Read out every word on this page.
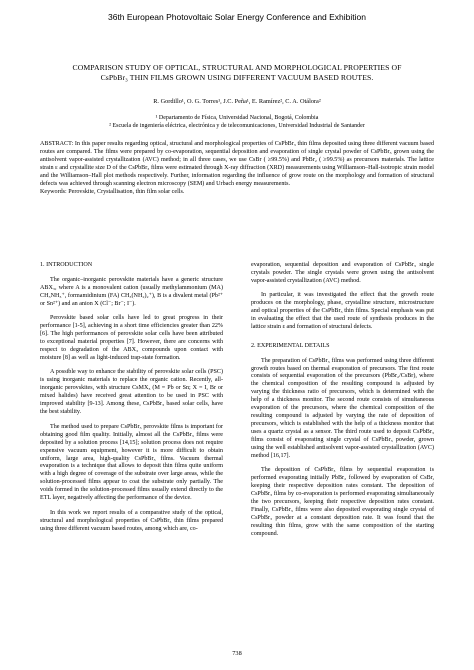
36th European Photovoltaic Solar Energy Conference and Exhibition
COMPARISON STUDY OF OPTICAL, STRUCTURAL AND MORPHOLOGICAL PROPERTIES OF
CsPbBr₃ THIN FILMS GROWN USING DIFFERENT VACUUM BASED ROUTES.
R. Gordillo¹, O. G. Torres¹, J.C. Peña¹, E. Ramírez², C. A. Otálora²
¹ Departamento de Física, Universidad Nacional, Bogotá, Colombia
² Escuela de ingeniería eléctrica, electrónica y de telecomunicaciones, Universidad Industrial de Santander

ABSTRACT: In this paper results regarding optical, structural and morphological properties of CsPbBr₃ thin films deposited using three different vacuum based routes are compared. The films were prepared by co-evaporation, sequential deposition and evaporation of single crystal powder of CsPbBr₃ grown using the antisolvent vapor-assisted crystallization (AVC) method; in all three cases, we use CsBr ( ≥99.5%) and PbBr₂ ( ≥99.5%) as precursors materials. The lattice strain ε and crystallite size D of the CsPbBr₃ films were estimated through X-ray diffraction (XRD) measurements using Williamson–Hall-isotropic strain model and the Williamson–Hall plot methods respectively. Further, information regarding the influence of grow route on the morphology and formation of structural defects was achieved through scanning electron microscopy (SEM) and Urbach energy measurements.
Keywords: Perovskite, Crystallisation, thin film solar cells.

1. INTRODUCTION

The organic–inorganic perovskite materials have a generic structure ABX₃, where A is a monovalent cation (usually methylammonium (MA) CH₃NH₃⁺, formamidinium (FA) CH₃(NH₂)₂⁺), B is a divalent metal (Pb²⁺ or Sn²⁺) and an anion X (Cl⁻; Br⁻; I⁻).

Perovskite based solar cells have led to great progress in their performance [1-5], achieving in a short time efficiencies greater than 22% [6]. The high performances of perovskite solar cells have been attributed to exceptional material properties [7]. However, there are concerns with respect to degradation of the ABX₃ compounds upon contact with moisture [8] as well as light-induced trap-state formation.

A possible way to enhance the stability of perovskite solar cells (PSC) is using inorganic materials to replace the organic cation. Recently, all-inorganic perovskites, with structure CsMX₃ (M = Pb or Sn; X = I, Br or mixed halides) have received great attention to be used in PSC with improved stability [9-13]. Among these, CsPbBr₃ based solar cells, have the best stability.

The method used to prepare CsPbBr₃ perovskite films is important for obtaining good film quality. Initially, almost all the CsPbBr₃ films were deposited by a solution process [14,15]; solution process does not require expensive vacuum equipment, however it is more difficult to obtain uniform, large area, high-quality CsPbBr₃ films. Vacuum thermal evaporation is a technique that allows to deposit thin films quite uniform with a high degree of coverage of the substrate over large areas, while the solution-processed films appear to coat the substrate only partially. The voids formed in the solution-processed films usually extend directly to the ETL layer, negatively affecting the performance of the device.

In this work we report results of a comparative study of the optical, structural and morphological properties of CsPbBr₃ thin films prepared using three different vacuum based routes, among which are, co-

evaporation, sequential deposition and evaporation of CsPbBr₃ single crystals powder. The single crystals were grown using the antisolvent vapor-assisted crystallization (AVC) method.

In particular, it was investigated the effect that the growth route produces on the morphology, phase, crystalline structure, microstructure and optical properties of the CsPbBr₃ thin films. Special emphasis was put in evaluating the effect that the used route of synthesis produces in the lattice strain ε and formation of structural defects.

2. EXPERIMENTAL DETAILS

The preparation of CsPbBr₃ films was performed using three different growth routes based on thermal evaporation of precursors. The first route consists of sequential evaporation of the precursors (PbBr₂/CsBr), where the chemical composition of the resulting compound is adjusted by varying the thickness ratio of precursors, which is determined with the help of a thickness monitor. The second route consists of simultaneous evaporation of the precursors, where the chemical composition of the resulting compound is adjusted by varying the rate of deposition of precursors, which is established with the help of a thickness monitor that uses a quartz crystal as a sensor. The third route used to deposit CsPbBr₃ films consist of evaporating single crystal of CsPbBr₃ powder, grown using the well established antisolvent vapor-assisted crystallization (AVC) method [16,17].

The deposition of CsPbBr₃ films by sequential evaporation is performed evaporating initially PbBr₂ followed by evaporation of CsBr, keeping their respective deposition rates constant. The deposition of CsPbBr₃ films by co-evaporation is performed evaporating simultaneously the two precursors, keeping their respective deposition rates constant. Finally, CsPbBr₃ films were also deposited evaporating single crystal of CsPbBr₃ powder at a constant deposition rate. It was found that the resulting thin films, grow with the same composition of the starting compound.

738
